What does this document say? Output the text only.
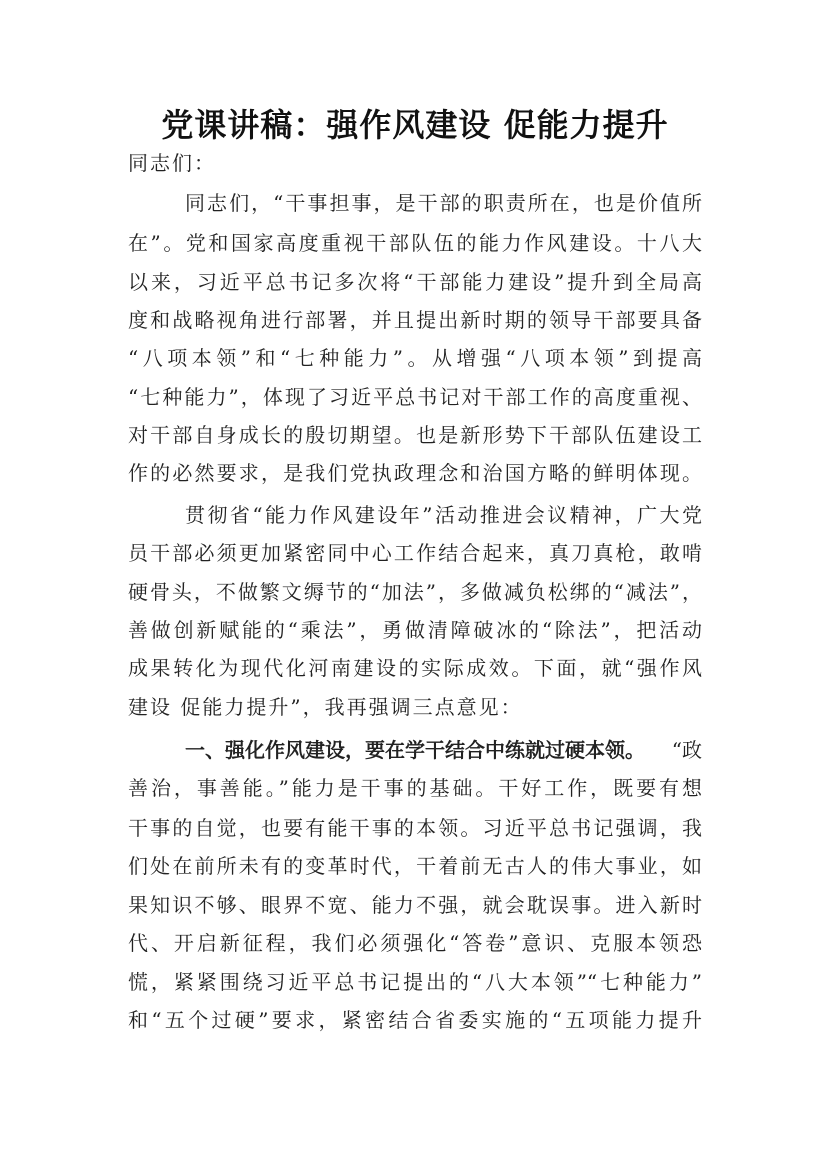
党课讲稿：强作风建设 促能力提升
同志们：
同志们，“干事担事，是干部的职责所在，也是价值所
在”。党和国家高度重视干部队伍的能力作风建设。十八大
以来，习近平总书记多次将“干部能力建设”提升到全局高
度和战略视角进行部署，并且提出新时期的领导干部要具备
“八项本领”和“七种能力”。从增强“八项本领”到提高
“七种能力”，体现了习近平总书记对干部工作的高度重视、
对干部自身成长的殷切期望。也是新形势下干部队伍建设工
作的必然要求，是我们党执政理念和治国方略的鲜明体现。
贯彻省“能力作风建设年”活动推进会议精神，广大党
员干部必须更加紧密同中心工作结合起来，真刀真枪，敢啃
硬骨头，不做繁文缛节的“加法”，多做减负松绑的“减法”，
善做创新赋能的“乘法”，勇做清障破冰的“除法”，把活动
成果转化为现代化河南建设的实际成效。下面，就“强作风
建设 促能力提升”，我再强调三点意见：
一、强化作风建设，要在学干结合中练就过硬本领。 “政
善治，事善能。”能力是干事的基础。干好工作，既要有想
干事的自觉，也要有能干事的本领。习近平总书记强调，我
们处在前所未有的变革时代，干着前无古人的伟大事业，如
果知识不够、眼界不宽、能力不强，就会耽误事。进入新时
代、开启新征程，我们必须强化“答卷”意识、克服本领恐
慌，紧紧围绕习近平总书记提出的“八大本领”“七种能力”
和“五个过硬”要求，紧密结合省委实施的“五项能力提升
